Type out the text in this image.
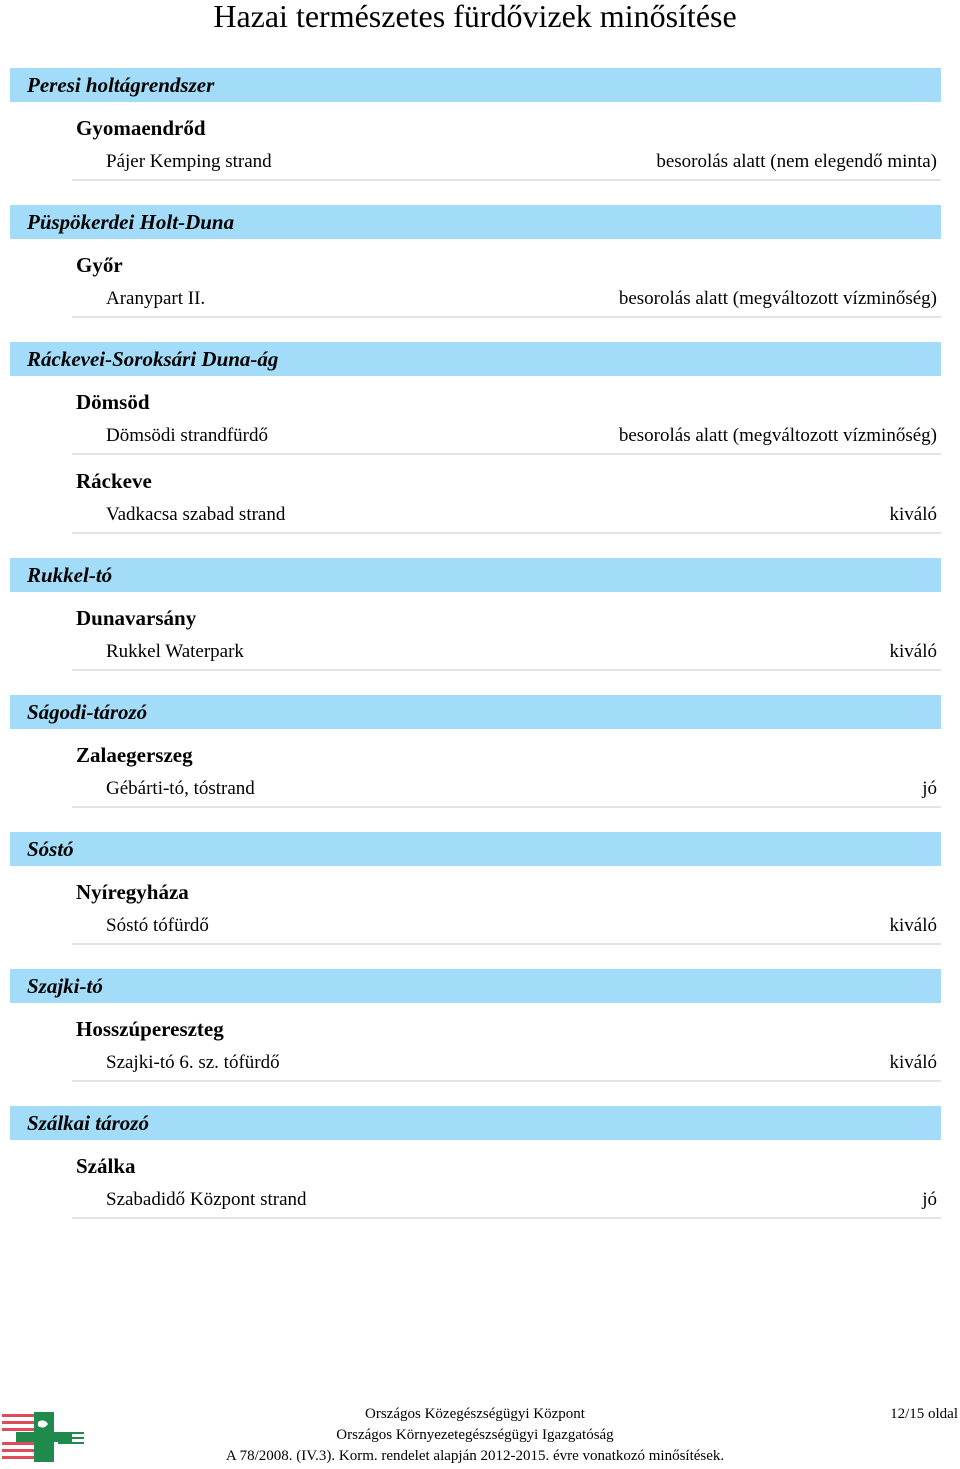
Hazai természetes fürdővizek minősítése
Peresi holtágrendszer
Gyomaendrőd
Pájer Kemping strand	besorolás alatt (nem elegendő minta)
Püspökerdei Holt-Duna
Győr
Aranypart II.	besorolás alatt (megváltozott vízminőség)
Ráckevei-Soroksári Duna-ág
Dömsöd
Dömsödi strandfürdő	besorolás alatt (megváltozott vízminőség)
Ráckeve
Vadkacsa szabad strand	kiváló
Rukkel-tó
Dunavarsány
Rukkel Waterpark	kiváló
Ságodi-tározó
Zalaegerszeg
Gébárti-tó, tóstrand	jó
Sóstó
Nyíregyháza
Sóstó tófürdő	kiváló
Szajki-tó
Hosszúpereszteg
Szajki-tó 6. sz. tófürdő	kiváló
Szálkai tározó
Szálka
Szabadidő Központ strand	jó
Országos Közegészségügyi Központ
Országos Környezetegészségügyi Igazgatóság
A 78/2008. (IV.3). Korm. rendelet alapján 2012-2015. évre vonatkozó minősítések.
12/15 oldal
